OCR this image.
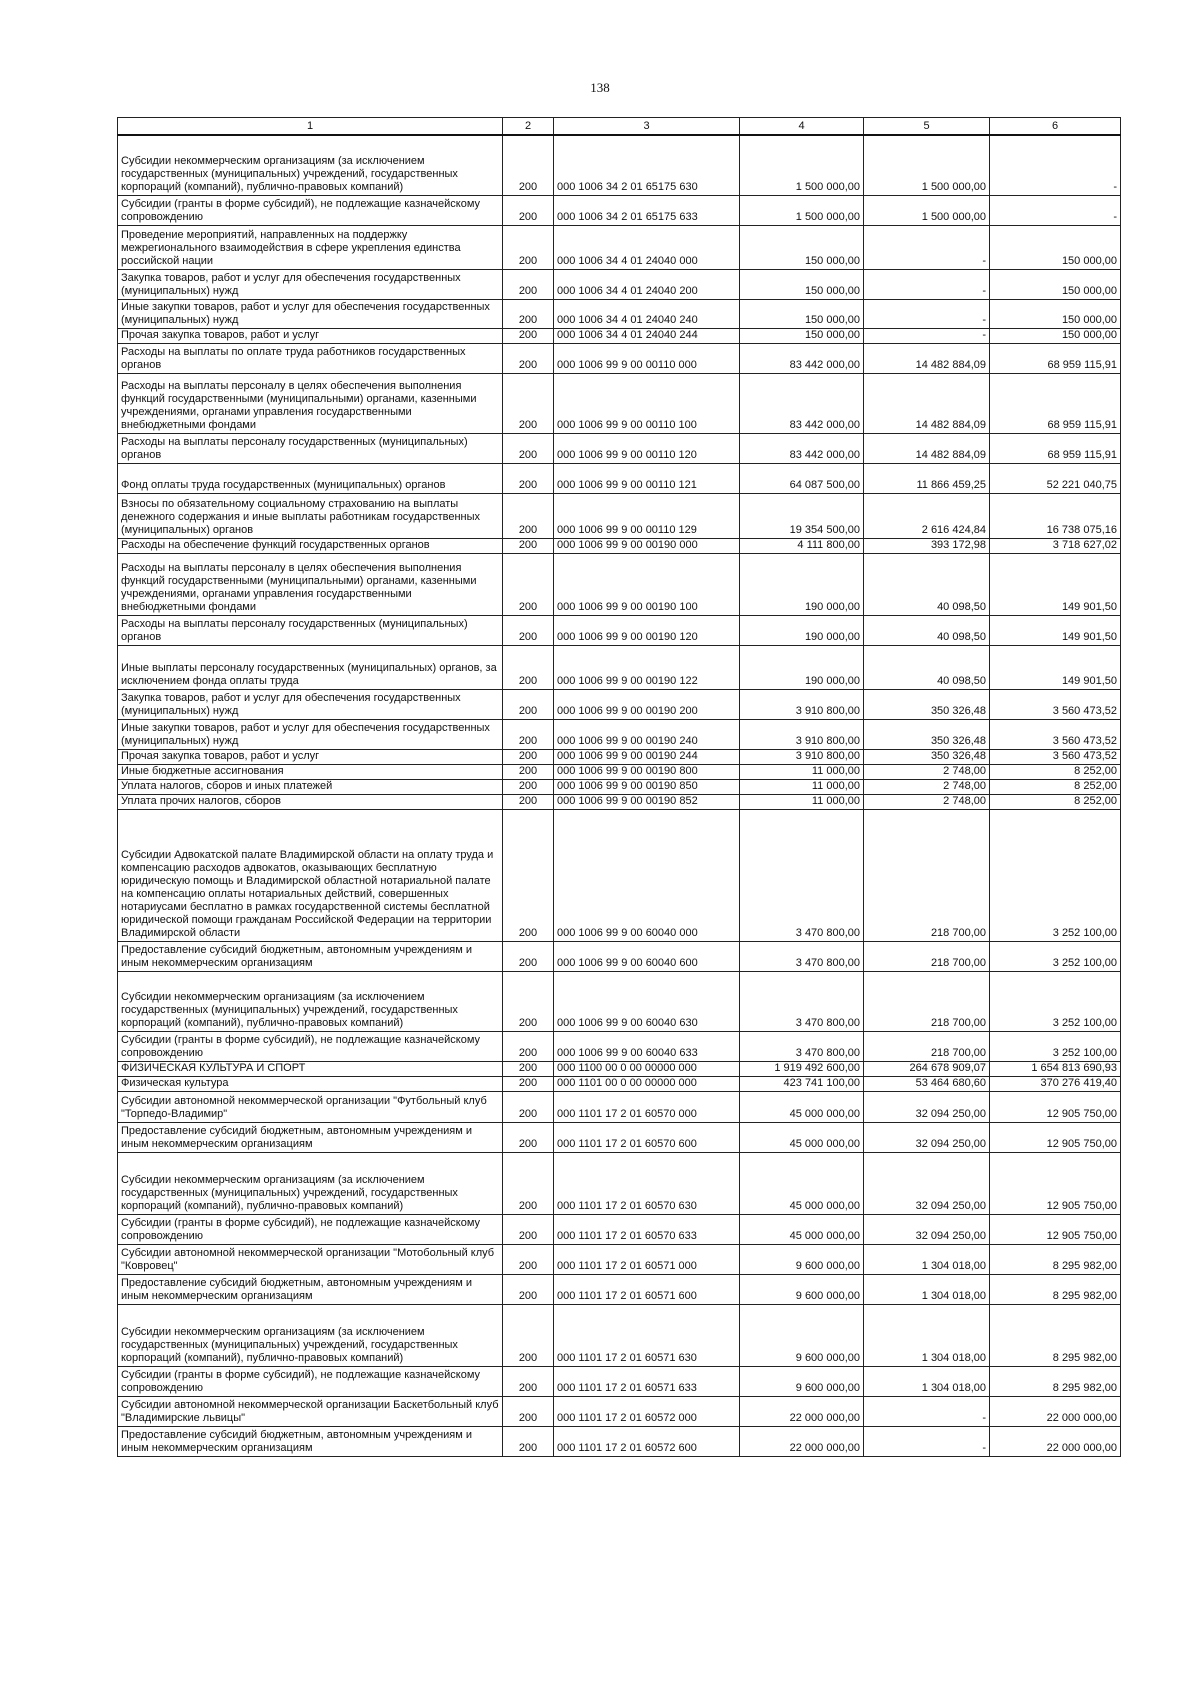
138
1	2	3	4	5	6
Субсидии некоммерческим организациям (за исключением государственных (муниципальных) учреждений, государственных корпораций (компаний), публично-правовых компаний)	200	000 1006 34 2 01 65175 630	1 500 000,00	1 500 000,00	-
Субсидии (гранты в форме субсидий), не подлежащие казначейскому сопровождению	200	000 1006 34 2 01 65175 633	1 500 000,00	1 500 000,00	-
Проведение мероприятий, направленных на поддержку межрегионального взаимодействия в сфере укрепления единства российской нации	200	000 1006 34 4 01 24040 000	150 000,00	-	150 000,00
Закупка товаров, работ и услуг для обеспечения государственных (муниципальных) нужд	200	000 1006 34 4 01 24040 200	150 000,00	-	150 000,00
Иные закупки товаров, работ и услуг для обеспечения государственных (муниципальных) нужд	200	000 1006 34 4 01 24040 240	150 000,00	-	150 000,00
Прочая закупка товаров, работ и услуг	200	000 1006 34 4 01 24040 244	150 000,00	-	150 000,00
Расходы на выплаты по оплате труда работников государственных органов	200	000 1006 99 9 00 00110 000	83 442 000,00	14 482 884,09	68 959 115,91
Расходы на выплаты персоналу в целях обеспечения выполнения функций государственными (муниципальными) органами, казенными учреждениями, органами управления государственными внебюджетными фондами	200	000 1006 99 9 00 00110 100	83 442 000,00	14 482 884,09	68 959 115,91
Расходы на выплаты персоналу государственных (муниципальных) органов	200	000 1006 99 9 00 00110 120	83 442 000,00	14 482 884,09	68 959 115,91
Фонд оплаты труда государственных (муниципальных) органов	200	000 1006 99 9 00 00110 121	64 087 500,00	11 866 459,25	52 221 040,75
Взносы по обязательному социальному страхованию на выплаты денежного содержания и иные выплаты работникам государственных (муниципальных) органов	200	000 1006 99 9 00 00110 129	19 354 500,00	2 616 424,84	16 738 075,16
Расходы на обеспечение функций государственных органов	200	000 1006 99 9 00 00190 000	4 111 800,00	393 172,98	3 718 627,02
Расходы на выплаты персоналу в целях обеспечения выполнения функций государственными (муниципальными) органами, казенными учреждениями, органами управления государственными внебюджетными фондами	200	000 1006 99 9 00 00190 100	190 000,00	40 098,50	149 901,50
Расходы на выплаты персоналу государственных (муниципальных) органов	200	000 1006 99 9 00 00190 120	190 000,00	40 098,50	149 901,50
Иные выплаты персоналу государственных (муниципальных) органов, за исключением фонда оплаты труда	200	000 1006 99 9 00 00190 122	190 000,00	40 098,50	149 901,50
Закупка товаров, работ и услуг для обеспечения государственных (муниципальных) нужд	200	000 1006 99 9 00 00190 200	3 910 800,00	350 326,48	3 560 473,52
Иные закупки товаров, работ и услуг для обеспечения государственных (муниципальных) нужд	200	000 1006 99 9 00 00190 240	3 910 800,00	350 326,48	3 560 473,52
Прочая закупка товаров, работ и услуг	200	000 1006 99 9 00 00190 244	3 910 800,00	350 326,48	3 560 473,52
Иные бюджетные ассигнования	200	000 1006 99 9 00 00190 800	11 000,00	2 748,00	8 252,00
Уплата налогов, сборов и иных платежей	200	000 1006 99 9 00 00190 850	11 000,00	2 748,00	8 252,00
Уплата прочих налогов, сборов	200	000 1006 99 9 00 00190 852	11 000,00	2 748,00	8 252,00
Субсидии Адвокатской палате Владимирской области на оплату труда и компенсацию расходов адвокатов, оказывающих бесплатную юридическую помощь и Владимирской областной нотариальной палате на компенсацию оплаты нотариальных действий, совершенных нотариусами бесплатно в рамках государственной системы бесплатной юридической помощи гражданам Российской Федерации на территории Владимирской области	200	000 1006 99 9 00 60040 000	3 470 800,00	218 700,00	3 252 100,00
Предоставление субсидий бюджетным, автономным учреждениям и иным некоммерческим организациям	200	000 1006 99 9 00 60040 600	3 470 800,00	218 700,00	3 252 100,00
Субсидии некоммерческим организациям (за исключением государственных (муниципальных) учреждений, государственных корпораций (компаний), публично-правовых компаний)	200	000 1006 99 9 00 60040 630	3 470 800,00	218 700,00	3 252 100,00
Субсидии (гранты в форме субсидий), не подлежащие казначейскому сопровождению	200	000 1006 99 9 00 60040 633	3 470 800,00	218 700,00	3 252 100,00
ФИЗИЧЕСКАЯ КУЛЬТУРА И СПОРТ	200	000 1100 00 0 00 00000 000	1 919 492 600,00	264 678 909,07	1 654 813 690,93
Физическая культура	200	000 1101 00 0 00 00000 000	423 741 100,00	53 464 680,60	370 276 419,40
Субсидии автономной некоммерческой организации "Футбольный клуб "Торпедо-Владимир"	200	000 1101 17 2 01 60570 000	45 000 000,00	32 094 250,00	12 905 750,00
Предоставление субсидий бюджетным, автономным учреждениям и иным некоммерческим организациям	200	000 1101 17 2 01 60570 600	45 000 000,00	32 094 250,00	12 905 750,00
Субсидии некоммерческим организациям (за исключением государственных (муниципальных) учреждений, государственных корпораций (компаний), публично-правовых компаний)	200	000 1101 17 2 01 60570 630	45 000 000,00	32 094 250,00	12 905 750,00
Субсидии (гранты в форме субсидий), не подлежащие казначейскому сопровождению	200	000 1101 17 2 01 60570 633	45 000 000,00	32 094 250,00	12 905 750,00
Субсидии автономной некоммерческой организации "Мотобольный клуб "Ковровец"	200	000 1101 17 2 01 60571 000	9 600 000,00	1 304 018,00	8 295 982,00
Предоставление субсидий бюджетным, автономным учреждениям и иным некоммерческим организациям	200	000 1101 17 2 01 60571 600	9 600 000,00	1 304 018,00	8 295 982,00
Субсидии некоммерческим организациям (за исключением государственных (муниципальных) учреждений, государственных корпораций (компаний), публично-правовых компаний)	200	000 1101 17 2 01 60571 630	9 600 000,00	1 304 018,00	8 295 982,00
Субсидии (гранты в форме субсидий), не подлежащие казначейскому сопровождению	200	000 1101 17 2 01 60571 633	9 600 000,00	1 304 018,00	8 295 982,00
Субсидии автономной некоммерческой организации Баскетбольный клуб "Владимирские львицы"	200	000 1101 17 2 01 60572 000	22 000 000,00	-	22 000 000,00
Предоставление субсидий бюджетным, автономным учреждениям и иным некоммерческим организациям	200	000 1101 17 2 01 60572 600	22 000 000,00	-	22 000 000,00
